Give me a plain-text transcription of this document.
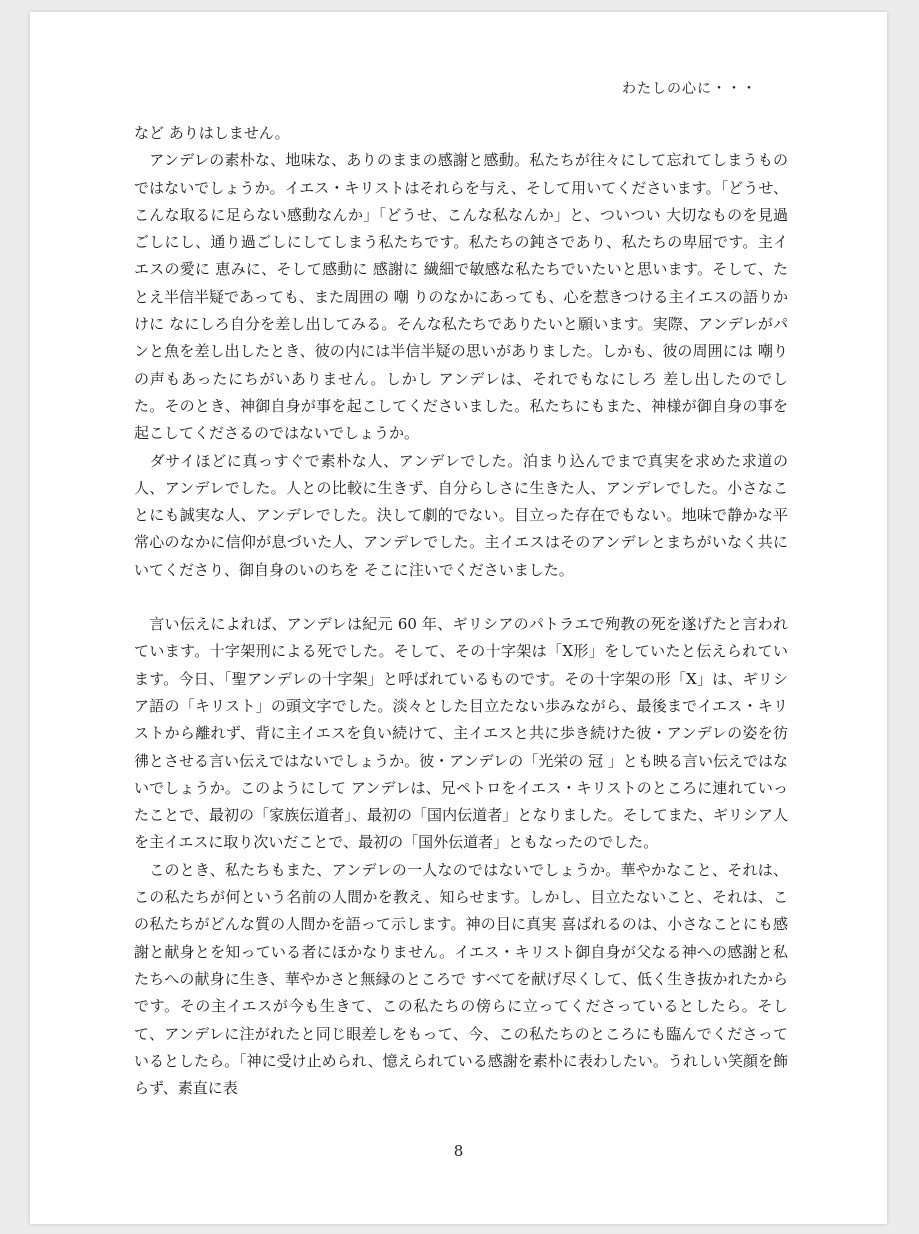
わたしの心に・・・

など ありはしません。

　アンデレの素朴な、地味な、ありのままの感謝と感動。私たちが往々にして忘れてしまうものではないでしょうか。イエス・キリストはそれらを与え、そして用いてくださいます。「どうせ、こんな取るに足らない感動なんか」「どうせ、こんな私なんか」と、ついつい 大切なものを見過ごしにし、通り過ごしにしてしまう私たちです。私たちの鈍さであり、私たちの卑屈です。主イエスの愛に 恵みに、そして感動に 感謝に 繊細で敏感な私たちでいたいと思います。そして、たとえ半信半疑であっても、また周囲の 嘲 りのなかにあっても、心を惹きつける主イエスの語りかけに なにしろ自分を差し出してみる。そんな私たちでありたいと願います。実際、アンデレがパンと魚を差し出したとき、彼の内には半信半疑の思いがありました。しかも、彼の周囲には 嘲りの声もあったにちがいありません。しかし アンデレは、それでもなにしろ 差し出したのでした。そのとき、神御自身が事を起こしてくださいました。私たちにもまた、神様が御自身の事を起こしてくださるのではないでしょうか。

　ダサイほどに真っすぐで素朴な人、アンデレでした。泊まり込んでまで真実を求めた求道の人、アンデレでした。人との比較に生きず、自分らしさに生きた人、アンデレでした。小さなことにも誠実な人、アンデレでした。決して劇的でない。目立った存在でもない。地味で静かな平常心のなかに信仰が息づいた人、アンデレでした。主イエスはそのアンデレとまちがいなく共にいてくださり、御自身のいのちを そこに注いでくださいました。

　言い伝えによれば、アンデレは紀元 60 年、ギリシアのパトラエで殉教の死を遂げたと言われています。十字架刑による死でした。そして、その十字架は「X形」をしていたと伝えられています。今日、「聖アンデレの十字架」と呼ばれているものです。その十字架の形「X」は、ギリシア語の「キリスト」の頭文字でした。淡々とした目立たない歩みながら、最後までイエス・キリストから離れず、背に主イエスを負い続けて、主イエスと共に歩き続けた彼・アンデレの姿を彷彿とさせる言い伝えではないでしょうか。彼・アンデレの「光栄の 冠 」とも映る言い伝えではないでしょうか。このようにして アンデレは、兄ペトロをイエス・キリストのところに連れていったことで、最初の「家族伝道者」、最初の「国内伝道者」となりました。そしてまた、ギリシア人を主イエスに取り次いだことで、最初の「国外伝道者」ともなったのでした。

　このとき、私たちもまた、アンデレの一人なのではないでしょうか。華やかなこと、それは、この私たちが何という名前の人間かを教え、知らせます。しかし、目立たないこと、それは、この私たちがどんな質の人間かを語って示します。神の目に真実 喜ばれるのは、小さなことにも感謝と献身とを知っている者にほかなりません。イエス・キリスト御自身が父なる神への感謝と私たちへの献身に生き、華やかさと無縁のところで すべてを献げ尽くして、低く生き抜かれたからです。その主イエスが今も生きて、この私たちの傍らに立ってくださっているとしたら。そして、アンデレに注がれたと同じ眼差しをもって、今、この私たちのところにも臨んでくださっているとしたら。「神に受け止められ、憶えられている感謝を素朴に表わしたい。うれしい笑顔を飾らず、素直に表

8
